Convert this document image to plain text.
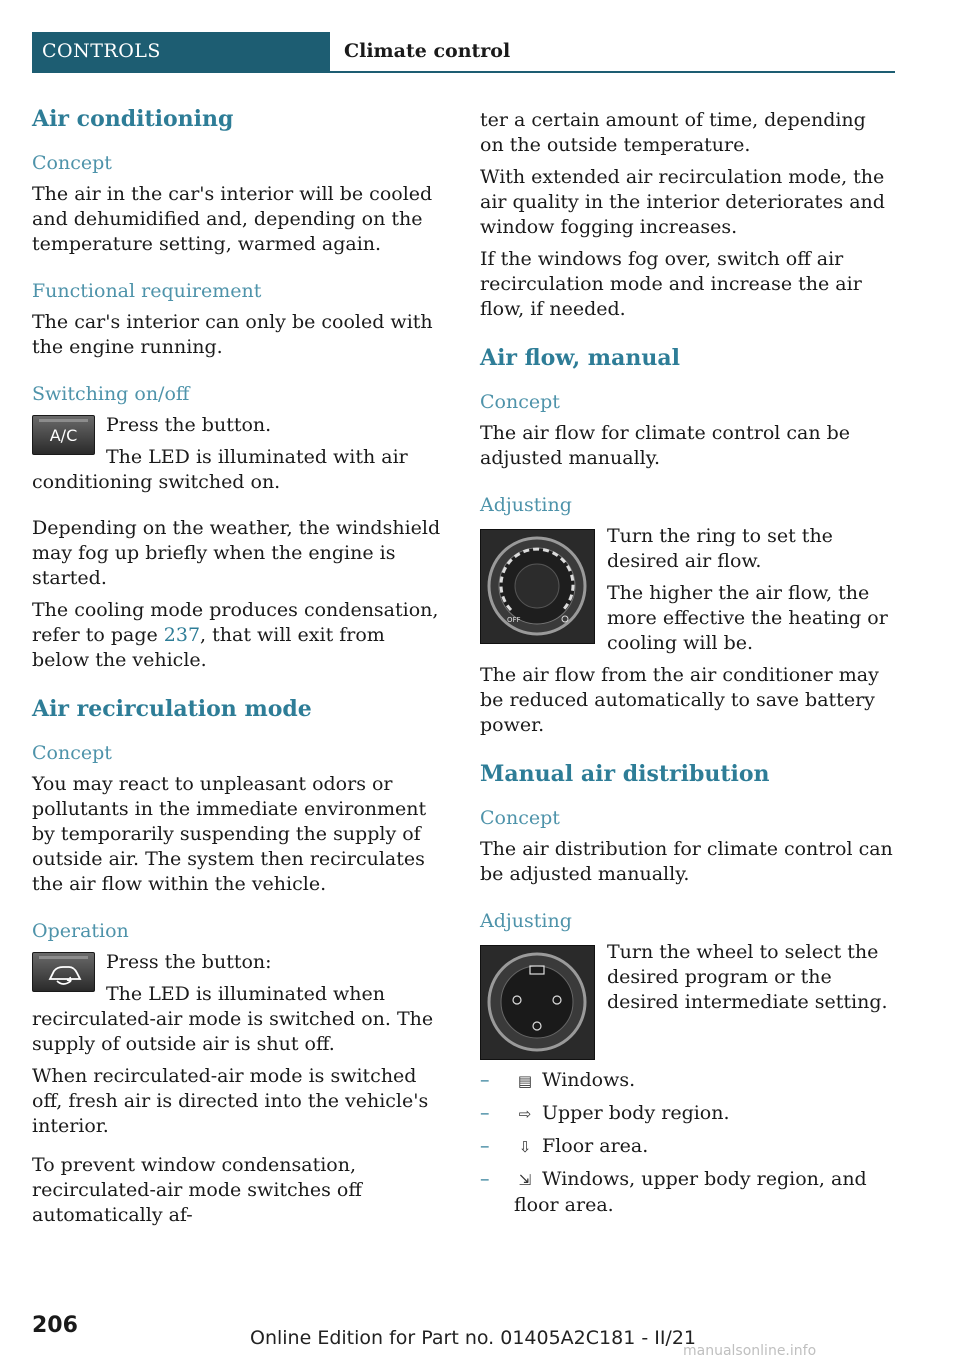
CONTROLS	Climate control
Air conditioning
Concept

The air in the car's interior will be cooled and dehumidified and, depending on the temperature setting, warmed again.

Functional requirement

The car's interior can only be cooled with the engine running.

Switching on/off
A/C	Press the button.

The LED is illuminated with air conditioning switched on.

Depending on the weather, the windshield may fog up briefly when the engine is started.

The cooling mode produces condensation, refer to page 237, that will exit from below the vehicle.

Air recirculation mode
Concept

You may react to unpleasant odors or pollutants in the immediate environment by temporarily suspending the supply of outside air. The system then recirculates the air flow within the vehicle.

Operation

Press the button:

The LED is illuminated when recirculated-air mode is switched on. The supply of outside air is shut off.

When recirculated-air mode is switched off, fresh air is directed into the vehicle's interior.

To prevent window condensation, recirculated-air mode switches off automatically af-

ter a certain amount of time, depending on the outside temperature.

With extended air recirculation mode, the air quality in the interior deteriorates and window fogging increases.

If the windows fog over, switch off air recirculation mode and increase the air flow, if needed.

Air flow, manual
Concept

The air flow for climate control can be adjusted manually.

Adjusting
OFF

Turn the ring to set the desired air flow.

The higher the air flow, the more effective the heating or cooling will be.

The air flow from the air conditioner may be reduced automatically to save battery power.

Manual air distribution
Concept

The air distribution for climate control can be adjusted manually.

Adjusting

Turn the wheel to select the desired program or the desired intermediate setting.

– ▤ Windows.
– ⇨ Upper body region.
– ⇩ Floor area.
– ⇲ Windows, upper body region, and floor area.
206	Online Edition for Part no. 01405A2C181 - II/21
manualsonline.info
